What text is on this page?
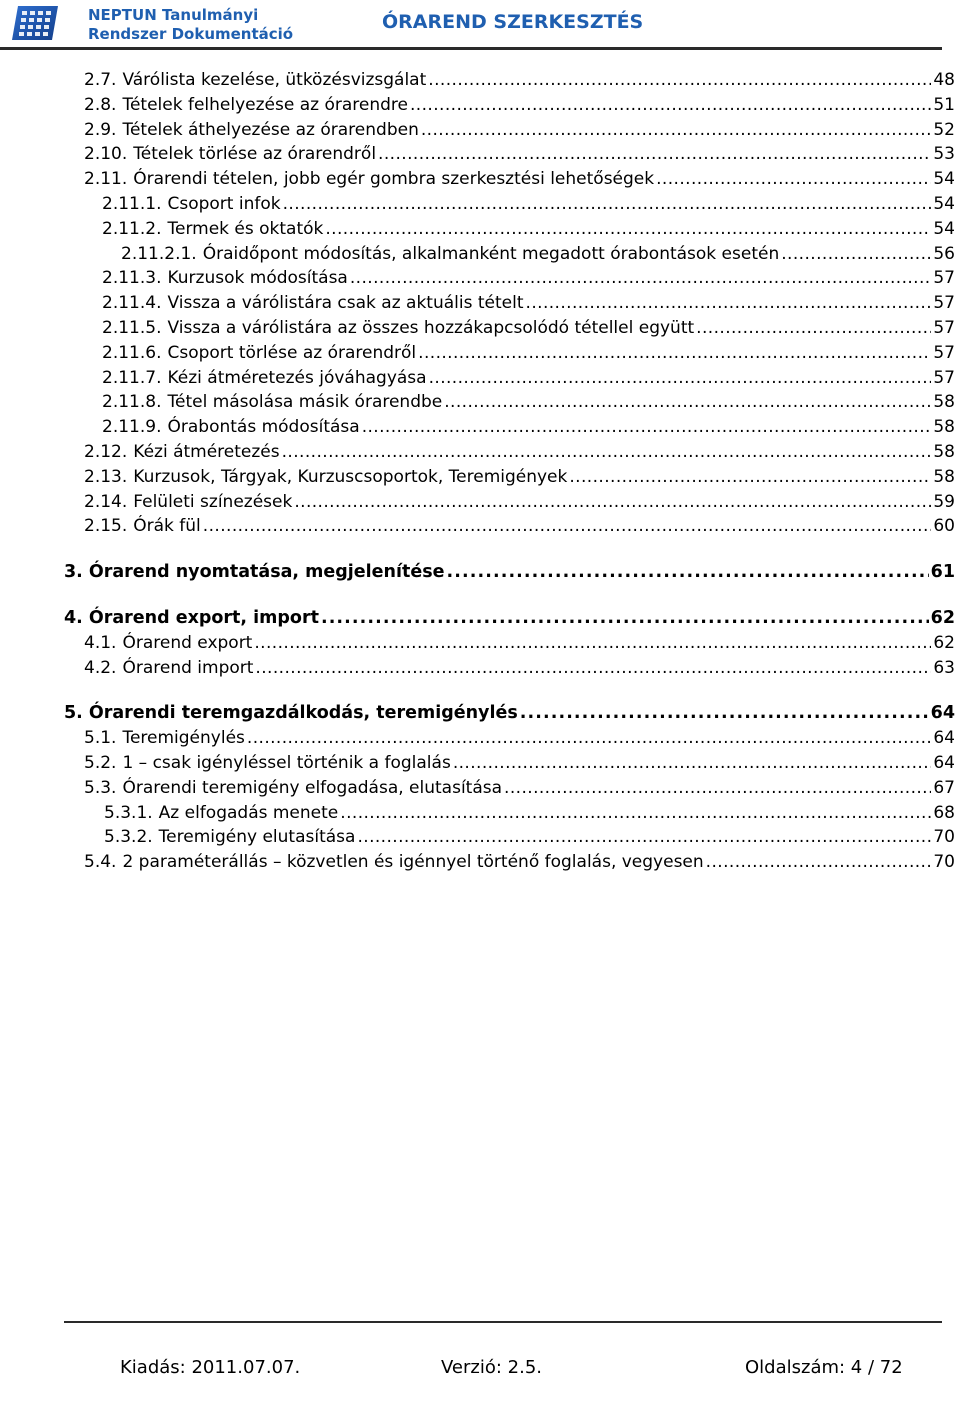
NEPTUN Tanulmányi
Rendszer Dokumentáció
ÓRAREND SZERKESZTÉS
2.7. Várólista kezelése, ütközésvizsgálat . . .	48
2.8. Tételek felhelyezése az órarendre . . .	51
2.9. Tételek áthelyezése az órarendben . . .	52
2.10. Tételek törlése az órarendről . . .	53
2.11. Órarendi tételen, jobb egér gombra szerkesztési lehetőségek . . .	54
2.11.1. Csoport infok . . .	54
2.11.2. Termek és oktatók . . .	54
2.11.2.1. Óraidőpont módosítás, alkalmanként megadott órabontások esetén . . .	56
2.11.3. Kurzusok módosítása . . .	57
2.11.4. Vissza a várólistára csak az aktuális tételt . . .	57
2.11.5. Vissza a várólistára az összes hozzákapcsolódó tétellel együtt . . .	57
2.11.6. Csoport törlése az órarendről . . .	57
2.11.7. Kézi átméretezés jóváhagyása . . .	57
2.11.8. Tétel másolása másik órarendbe . . .	58
2.11.9. Órabontás módosítása . . .	58
2.12. Kézi átméretezés . . .	58
2.13. Kurzusok, Tárgyak, Kurzuscsoportok, Teremigények . . .	58
2.14. Felületi színezések . . .	59
2.15. Órák fül . . .	60
3. Órarend nyomtatása, megjelenítése . . .	61
4. Órarend export, import . . .	62
4.1. Órarend export . . .	62
4.2. Órarend import . . .	63
5. Órarendi teremgazdálkodás, teremigénylés . . .	64
5.1. Teremigénylés . . .	64
5.2. 1 – csak igényléssel történik a foglalás . . .	64
5.3. Órarendi teremigény elfogadása, elutasítása . . .	67
5.3.1. Az elfogadás menete . . .	68
5.3.2. Teremigény elutasítása . . .	70
5.4. 2 paraméterállás – közvetlen és igénnyel történő foglalás, vegyesen . . .	70
Kiadás: 2011.07.07.	Verzió: 2.5.	Oldalszám: 4 / 72
